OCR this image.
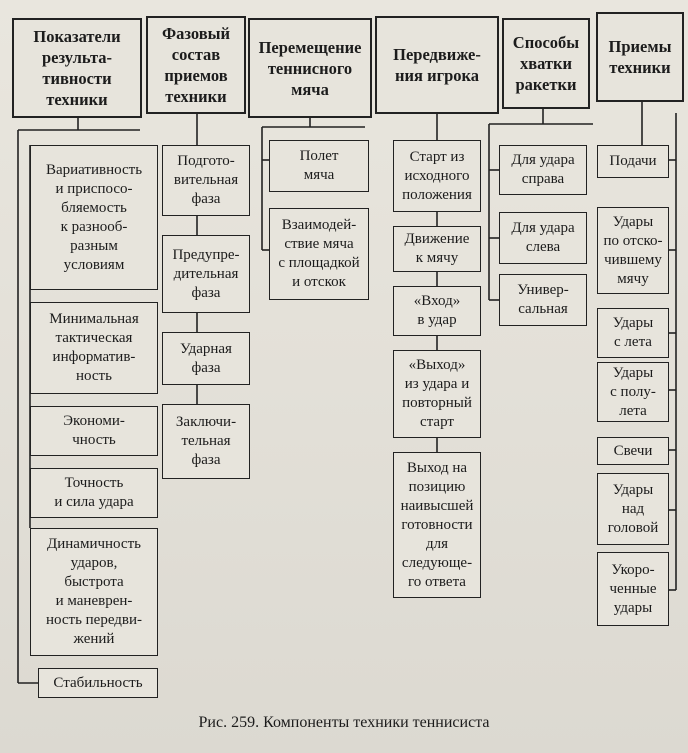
Показатели
результа-
тивности
техники
Фазовый
состав
приемов
техники
Перемещение
теннисного
мяча
Передвиже-
ния игрока
Способы
хватки
ракетки
Приемы
техники
Вариативность
и приспосо-
бляемость
к разнооб-
разным
условиям
Минимальная
тактическая
информатив-
ность
Экономи-
чность
Точность
и сила удара
Динамичность
ударов,
быстрота
и маневрен-
ность передви-
жений
Стабильность
Подгото-
вительная
фаза
Предупре-
дительная
фаза
Ударная
фаза
Заключи-
тельная
фаза
Полет
мяча
Взаимодей-
ствие мяча
с площадкой
и отскок
Старт из
исходного
положения
Движение
к мячу
«Вход»
в удар
«Выход»
из удара и
повторный
старт
Выход на
позицию
наивысшей
готовности для
следующе-
го ответа
Для удара
справа
Для удара
слева
Универ-
сальная
Подачи
Удары
по отско-
чившему
мячу
Удары
с лета
Удары
с полу-
лета
Свечи
Удары
над
головой
Укоро-
ченные
удары
Рис. 259. Компоненты техники теннисиста
